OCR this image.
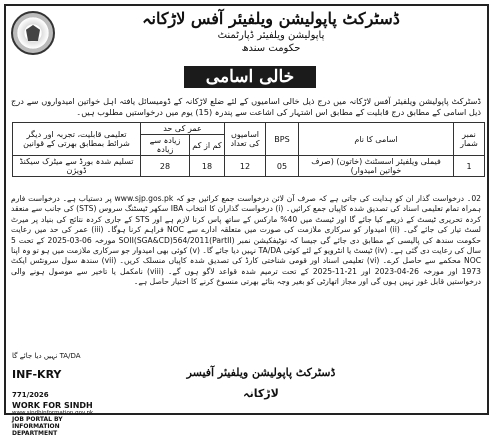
ڈسٹرکٹ پاپولیشن ویلفیئر آفس لاڑکانہ
پاپولیشن ویلفیئر ڈپارٹمنٹ
حکومت سندھ
خالی اسامی
ڈسٹرکٹ پاپولیشن ویلفیئر آفس لاڑکانہ میں درج ذیل خالی اسامیوں کے لئے ضلع لاڑکانہ کے ڈومیسائل یافتہ اہل خواتین امیدواروں سے درج ذیل اسامی کے مطابق درج قابلیت کے مطابق اس اشتہار کی اشاعت سے پندرہ (15) یوم میں درخواستیں مطلوب ہیں۔
نمبر شمار	اسامی کا نام	BPS	اسامیوں کی تعداد	عمر کی حد		تعلیمی قابلیت، تجربہ اور دیگر شرائط بمطابق بھرتی کے قوانین
				کم از کم	زیادہ سے زیادہ	
1	فیملی ویلفیئر اسسٹنٹ (خاتون) (صرف خواتین امیدوار)	05	12	18	28	تسلیم شدہ بورڈ سے میٹرک سیکنڈ ڈویژن
02۔ درخواست گذار ان کو ہدایت کی جاتی ہے کہ صرف آن لائن درخواست جمع کرائیں جو کہ www.sjp.gos.pk پر دستیاب ہے۔ درخواست فارم ہمراہ تمام تعلیمی اسناد کی تصدیق شدہ کاپیاں جمع کرائیں۔ (i) درخواست گذاران کا انتخاب IBA سکھر ٹیسٹنگ سروس (STS) کی جانب سے منعقد کردہ تحریری ٹیسٹ کے ذریعے کیا جائے گا اور ٹیسٹ میں 40% مارکس کے ساتھ پاس کرنا لازم ہے اور STS کے جاری کردہ نتائج کی بنیاد پر میرٹ لسٹ تیار کی جائے گی۔ (ii) امیدوار کو سرکاری ملازمت کی صورت میں متعلقہ ادارے سے NOC فراہم کرنا ہوگا۔ (iii) عمر کی حد میں رعایت حکومت سندھ کی پالیسی کے مطابق دی جائے گی جیسا کہ نوٹیفکیشن نمبر SOII(SGA&CD)564/2011(PartII) مورخہ 06-03-2025 کے تحت 5 سال کی رعایت دی گئی ہے۔ (iv) ٹیسٹ یا انٹرویو کے لئے کوئی TA/DA نہیں دیا جائے گا۔ (v) کوئی بھی امیدوار جو سرکاری ملازمت میں ہو تو وہ اپنا NOC محکمے سے حاصل کرے۔ (vi) تعلیمی اسناد اور قومی شناختی کارڈ کی تصدیق شدہ کاپیاں منسلک کریں۔ (vii) سندھ سول سرونٹس ایکٹ 1973 اور مورخہ 26-04-2023 اور 21-11-2025 کے تحت ترمیم شدہ قواعد لاگو ہوں گے۔ (viii) نامکمل یا تاخیر سے موصول ہونے والی درخواستیں قابل غور نہیں ہوں گی اور مجاز اتھارٹی کو بغیر وجہ بتائے بھرتی منسوخ کرنے کا اختیار حاصل ہے۔
TA/DA نہیں دیا جائے گا
ڈسٹرکٹ پاپولیشن ویلفیئر آفیسر
لاڑکانہ
INF-KRY 771/2026
WORK FOR SINDH
www.sindhinformation.gov.pk
JOB PORTAL BY
INFORMATION DEPARTMENT
